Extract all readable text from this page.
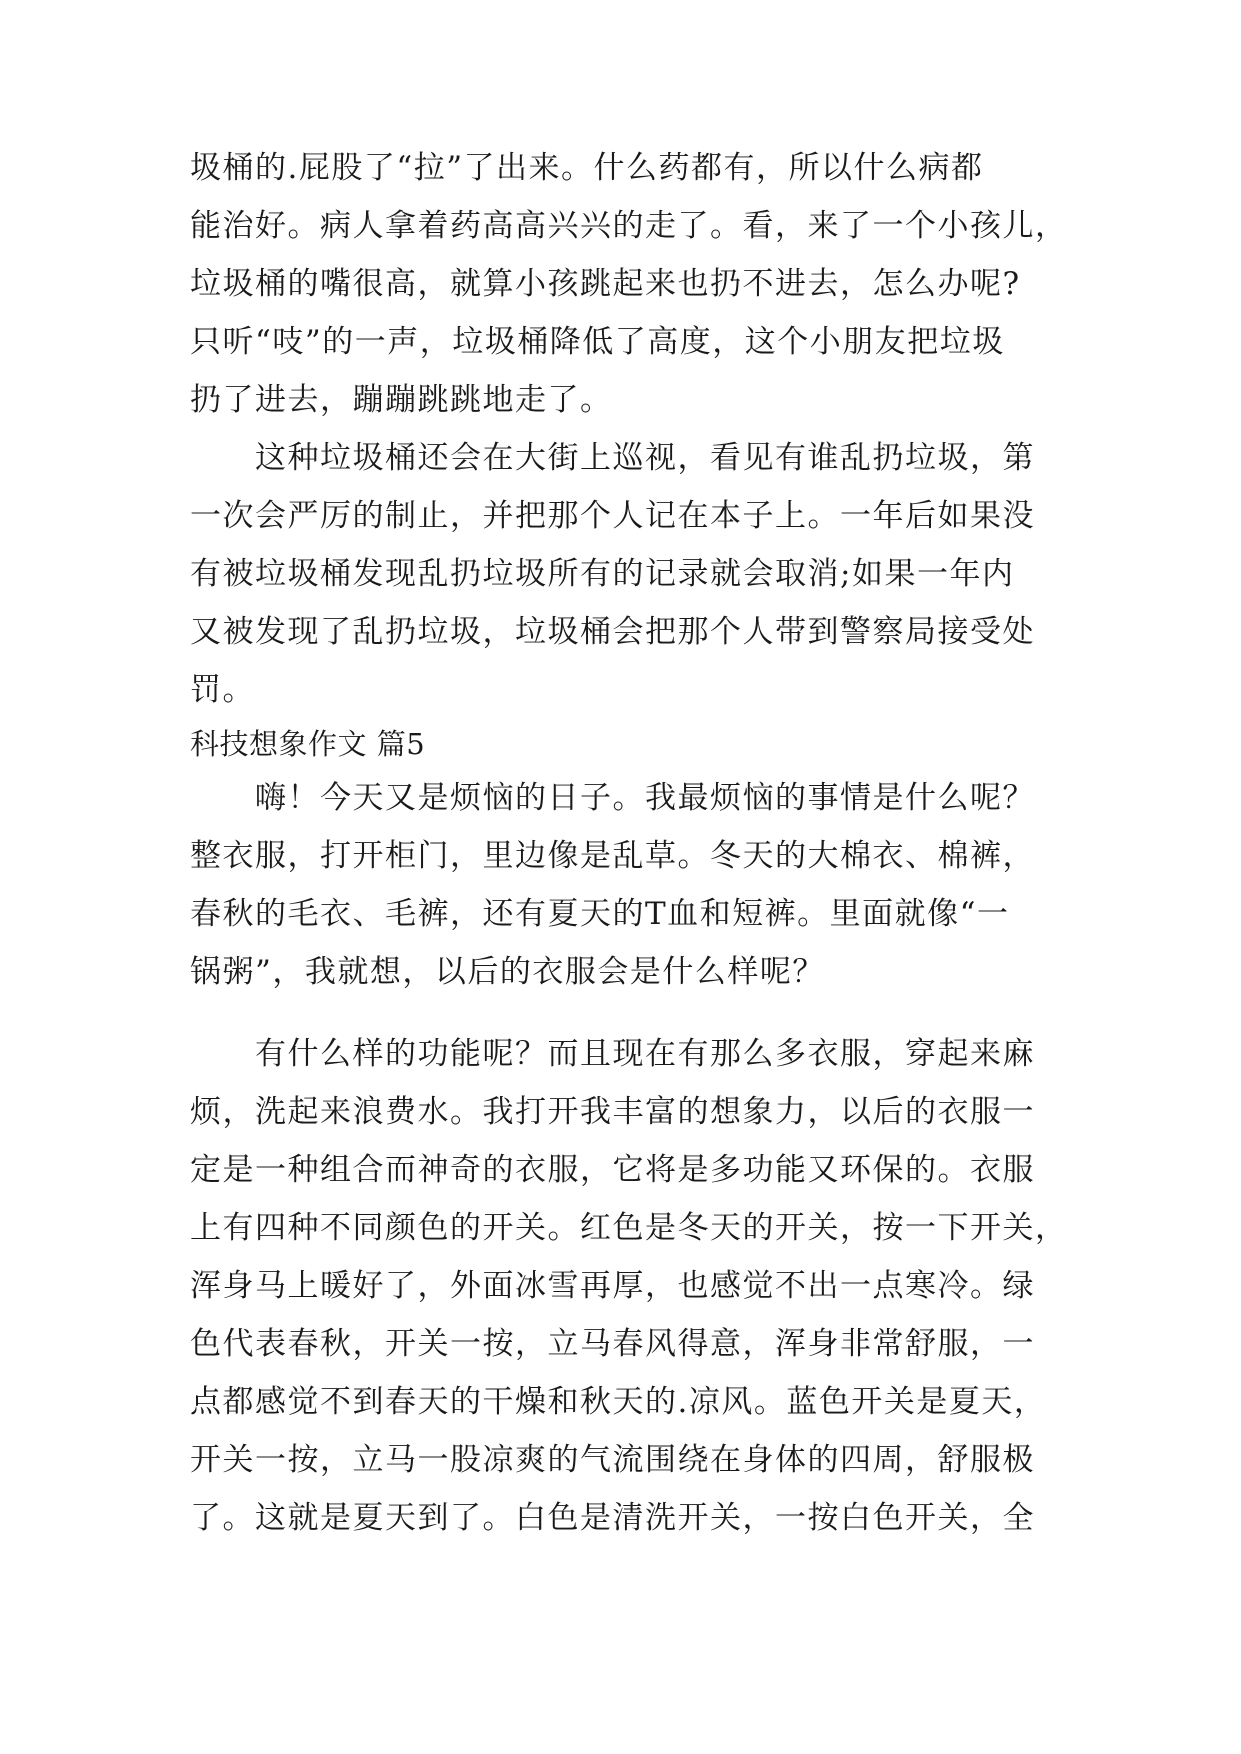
圾桶的.屁股了“拉”了出来。什么药都有，所以什么病都
能治好。病人拿着药高高兴兴的走了。看，来了一个小孩儿，
垃圾桶的嘴很高，就算小孩跳起来也扔不进去，怎么办呢?
只听“吱”的一声，垃圾桶降低了高度，这个小朋友把垃圾
扔了进去，蹦蹦跳跳地走了。
这种垃圾桶还会在大街上巡视，看见有谁乱扔垃圾，第
一次会严厉的制止，并把那个人记在本子上。一年后如果没
有被垃圾桶发现乱扔垃圾所有的记录就会取消;如果一年内
又被发现了乱扔垃圾，垃圾桶会把那个人带到警察局接受处
罚。
科技想象作文 篇5
嗨！今天又是烦恼的日子。我最烦恼的事情是什么呢？
整衣服，打开柜门，里边像是乱草。冬天的大棉衣、棉裤，
春秋的毛衣、毛裤，还有夏天的T血和短裤。里面就像“一
锅粥”，我就想，以后的衣服会是什么样呢？
有什么样的功能呢？而且现在有那么多衣服，穿起来麻
烦，洗起来浪费水。我打开我丰富的想象力，以后的衣服一
定是一种组合而神奇的衣服，它将是多功能又环保的。衣服
上有四种不同颜色的开关。红色是冬天的开关，按一下开关，
浑身马上暖好了，外面冰雪再厚，也感觉不出一点寒冷。绿
色代表春秋，开关一按，立马春风得意，浑身非常舒服，一
点都感觉不到春天的干燥和秋天的.凉风。蓝色开关是夏天，
开关一按，立马一股凉爽的气流围绕在身体的四周，舒服极
了。这就是夏天到了。白色是清洗开关，一按白色开关，全
